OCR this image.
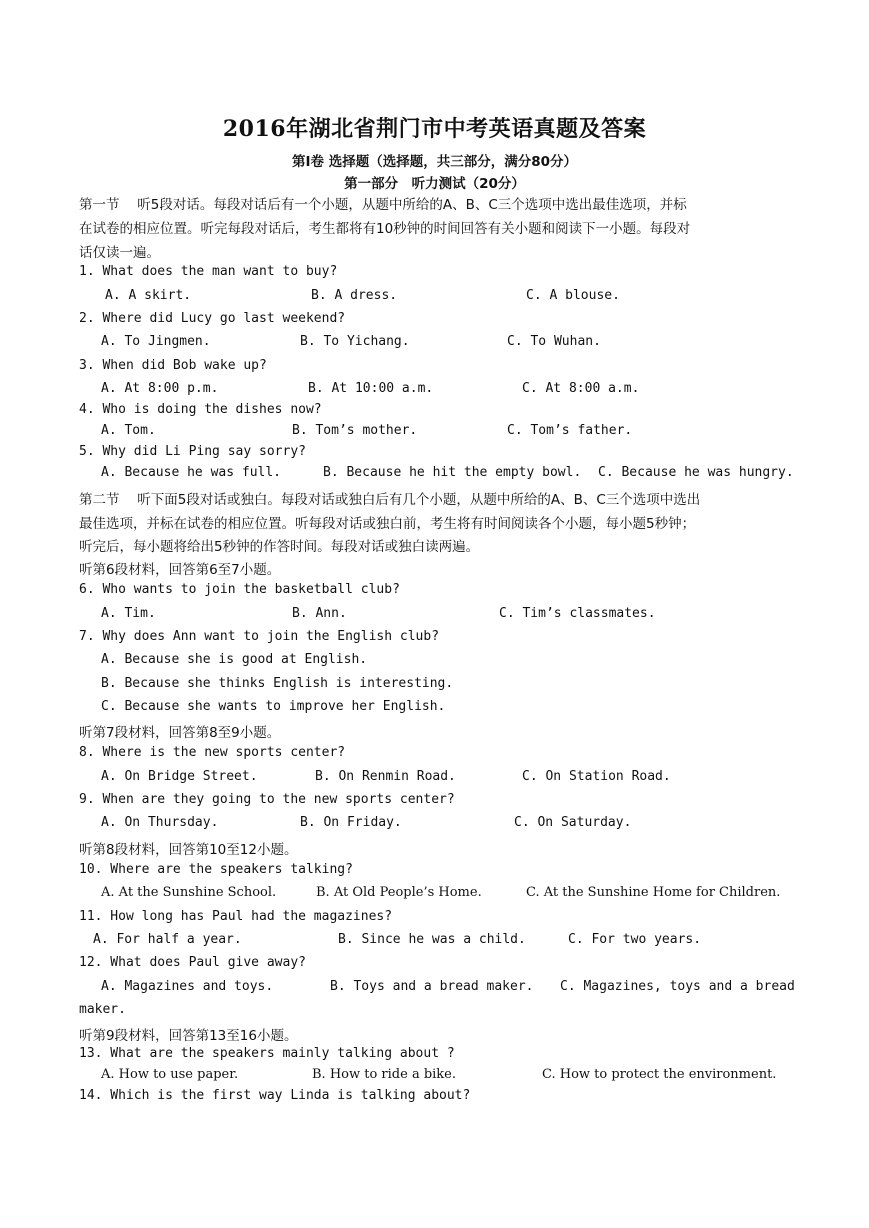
2016年湖北省荆门市中考英语真题及答案
第Ⅰ卷 选择题（选择题，共三部分，满分80分）
第一部分　听力测试（20分）
第一节　 听5段对话。每段对话后有一个小题，从题中所给的A、B、C三个选项中选出最佳选项，并标
在试卷的相应位置。听完每段对话后，考生都将有10秒钟的时间回答有关小题和阅读下一小题。每段对
话仅读一遍。
1. What does the man want to buy?
A. A skirt.	B. A dress.	C. A blouse.
2. Where did Lucy go last weekend?
A. To Jingmen.	B. To Yichang.	C. To Wuhan.
3. When did Bob wake up?
A. At 8:00 p.m.	B. At 10:00 a.m.	C. At 8:00 a.m.
4. Who is doing the dishes now?
A. Tom.	B. Tom’s mother.	C. Tom’s father.
5. Why did Li Ping say sorry?
A. Because he was full.	B. Because he hit the empty bowl. C. Because he was hungry.
第二节　 听下面5段对话或独白。每段对话或独白后有几个小题，从题中所给的A、B、C三个选项中选出
最佳选项，并标在试卷的相应位置。听每段对话或独白前，考生将有时间阅读各个小题，每小题5秒钟；
听完后，每小题将给出5秒钟的作答时间。每段对话或独白读两遍。
听第6段材料，回答第6至7小题。
6. Who wants to join the basketball club?
A. Tim.	B. Ann.	C. Tim’s classmates.
7. Why does Ann want to join the English club?
A. Because she is good at English.
B. Because she thinks English is interesting.
C. Because she wants to improve her English.
听第7段材料，回答第8至9小题。
8. Where is the new sports center?
A. On Bridge Street.	B. On Renmin Road.	C. On Station Road.
9. When are they going to the new sports center?
A. On Thursday.	B. On Friday.	C. On Saturday.
听第8段材料，回答第10至12小题。
10. Where are the speakers talking?
A. At the Sunshine School.	B. At Old People’s Home.	C. At the Sunshine Home for Children.
11. How long has Paul had the magazines?
A. For half a year.	B. Since he was a child.	C. For two years.
12. What does Paul give away?
A. Magazines and toys.	B. Toys and a bread maker. C. Magazines, toys and a bread
maker.
听第9段材料，回答第13至16小题。
13. What are the speakers mainly talking about ?
A. How to use paper.	B. How to ride a bike.	C. How to protect the environment.
14. Which is the first way Linda is talking about?
